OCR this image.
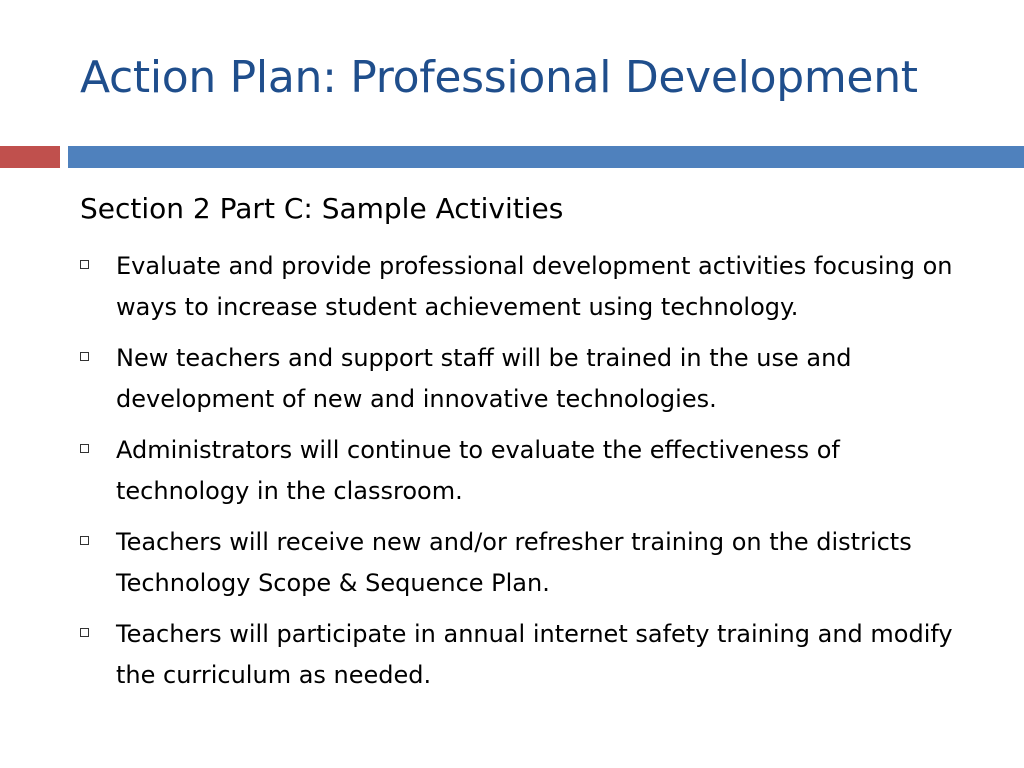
Action Plan: Professional Development
Section 2 Part C: Sample Activities
Evaluate and provide professional development activities focusing on ways to increase student achievement using technology.
New teachers and support staff will be trained in the use and development of new and innovative technologies.
Administrators will continue to evaluate the effectiveness of technology in the classroom.
Teachers will receive new and/or refresher training on the districts Technology Scope & Sequence Plan.
Teachers will participate in annual internet safety training and modify the curriculum as needed.
